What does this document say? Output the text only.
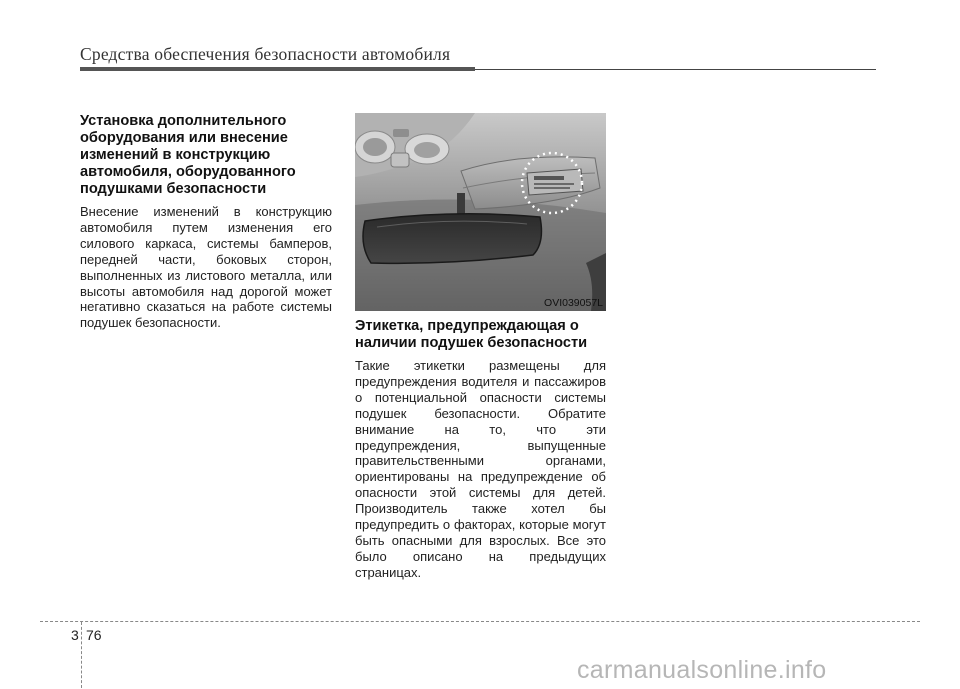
Средства обеспечения безопасности автомобиля
Установка дополнительного оборудования или внесение изменений в конструкцию автомобиля, оборудованного подушками безопасности

Внесение изменений в конструкцию автомобиля путем изменения его силового каркаса, системы бамперов, передней части, боковых сторон, выполненных из листового металла, или высоты автомобиля над дорогой может негативно сказаться на работе системы подушек безопасности.

OVI039057L
Этикетка, предупреждающая о наличии подушек безопасности

Такие этикетки размещены для предупреждения водителя и пассажиров о потенциальной опасности системы подушек безопасности. Обратите внимание на то, что эти предупреждения, выпущенные правительственными органами, ориентированы на предупреждение об опасности этой системы для детей. Производитель также хотел бы предупредить о факторах, которые могут быть опасными для взрослых. Все это было описано на предыдущих страницах.

3 76
carmanualsonline.info
